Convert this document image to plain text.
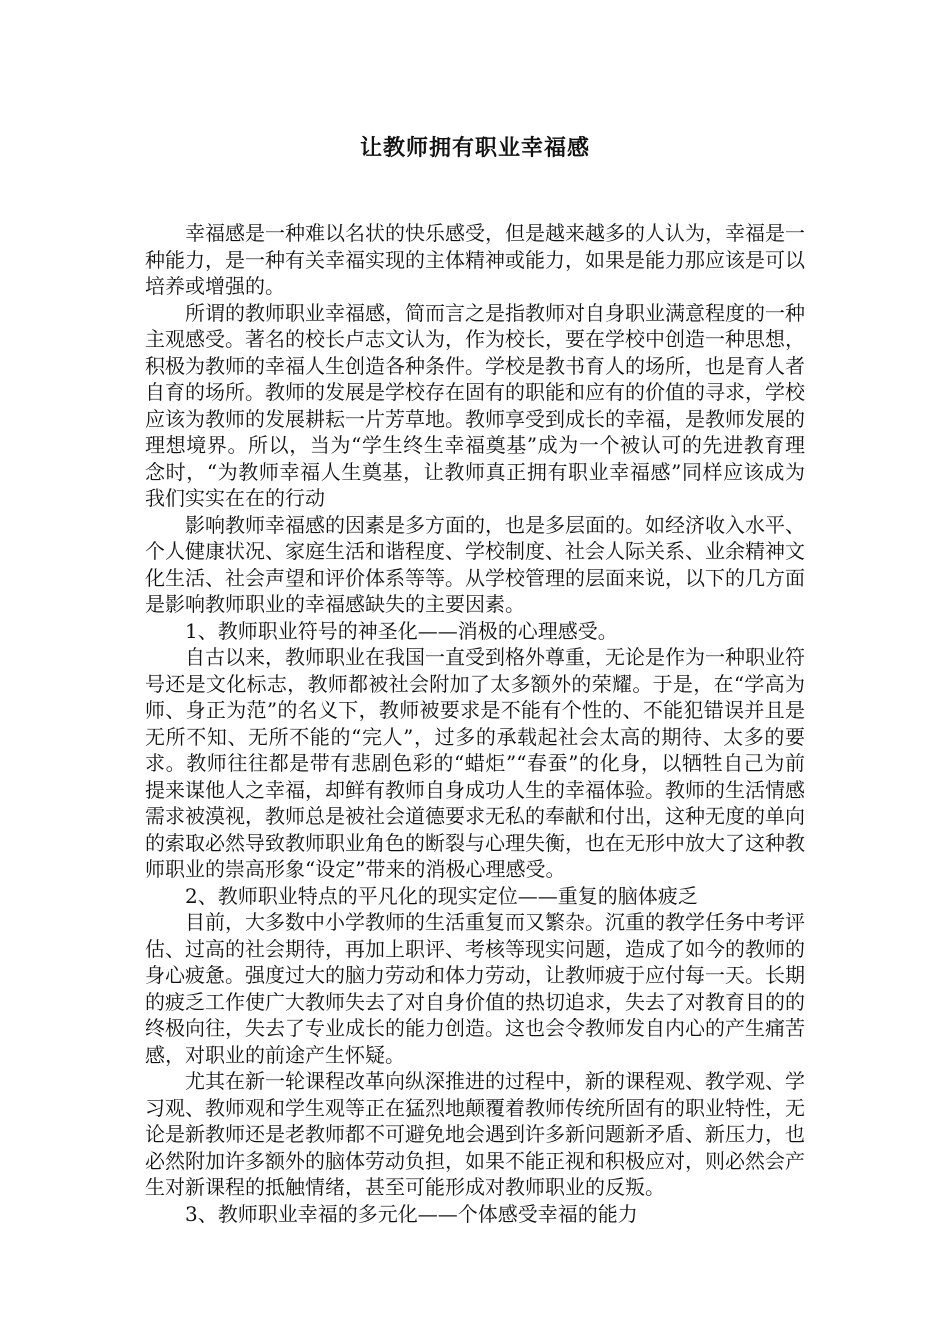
让教师拥有职业幸福感

幸福感是一种难以名状的快乐感受，但是越来越多的人认为，幸福是一种能力，是一种有关幸福实现的主体精神或能力，如果是能力那应该是可以培养或增强的。

所谓的教师职业幸福感，简而言之是指教师对自身职业满意程度的一种主观感受。著名的校长卢志文认为，作为校长，要在学校中创造一种思想，积极为教师的幸福人生创造各种条件。学校是教书育人的场所，也是育人者自育的场所。教师的发展是学校存在固有的职能和应有的价值的寻求，学校应该为教师的发展耕耘一片芳草地。教师享受到成长的幸福，是教师发展的理想境界。所以，当为“学生终生幸福奠基”成为一个被认可的先进教育理念时，“为教师幸福人生奠基，让教师真正拥有职业幸福感”同样应该成为我们实实在在的行动

影响教师幸福感的因素是多方面的，也是多层面的。如经济收入水平、个人健康状况、家庭生活和谐程度、学校制度、社会人际关系、业余精神文化生活、社会声望和评价体系等等。从学校管理的层面来说，以下的几方面是影响教师职业的幸福感缺失的主要因素。

1、教师职业符号的神圣化——消极的心理感受。

自古以来，教师职业在我国一直受到格外尊重，无论是作为一种职业符号还是文化标志，教师都被社会附加了太多额外的荣耀。于是，在“学高为师、身正为范”的名义下，教师被要求是不能有个性的、不能犯错误并且是无所不知、无所不能的“完人”，过多的承载起社会太高的期待、太多的要求。教师往往都是带有悲剧色彩的“蜡炬”“春蚕”的化身，以牺牲自己为前提来谋他人之幸福，却鲜有教师自身成功人生的幸福体验。教师的生活情感需求被漠视，教师总是被社会道德要求无私的奉献和付出，这种无度的单向的索取必然导致教师职业角色的断裂与心理失衡，也在无形中放大了这种教师职业的崇高形象“设定”带来的消极心理感受。

2、教师职业特点的平凡化的现实定位——重复的脑体疲乏

目前，大多数中小学教师的生活重复而又繁杂。沉重的教学任务中考评估、过高的社会期待，再加上职评、考核等现实问题，造成了如今的教师的身心疲惫。强度过大的脑力劳动和体力劳动，让教师疲于应付每一天。长期的疲乏工作使广大教师失去了对自身价值的热切追求，失去了对教育目的的终极向往，失去了专业成长的能力创造。这也会令教师发自内心的产生痛苦感，对职业的前途产生怀疑。

尤其在新一轮课程改革向纵深推进的过程中，新的课程观、教学观、学习观、教师观和学生观等正在猛烈地颠覆着教师传统所固有的职业特性，无论是新教师还是老教师都不可避免地会遇到许多新问题新矛盾、新压力，也必然附加许多额外的脑体劳动负担，如果不能正视和积极应对，则必然会产生对新课程的抵触情绪，甚至可能形成对教师职业的反叛。

3、教师职业幸福的多元化——个体感受幸福的能力
